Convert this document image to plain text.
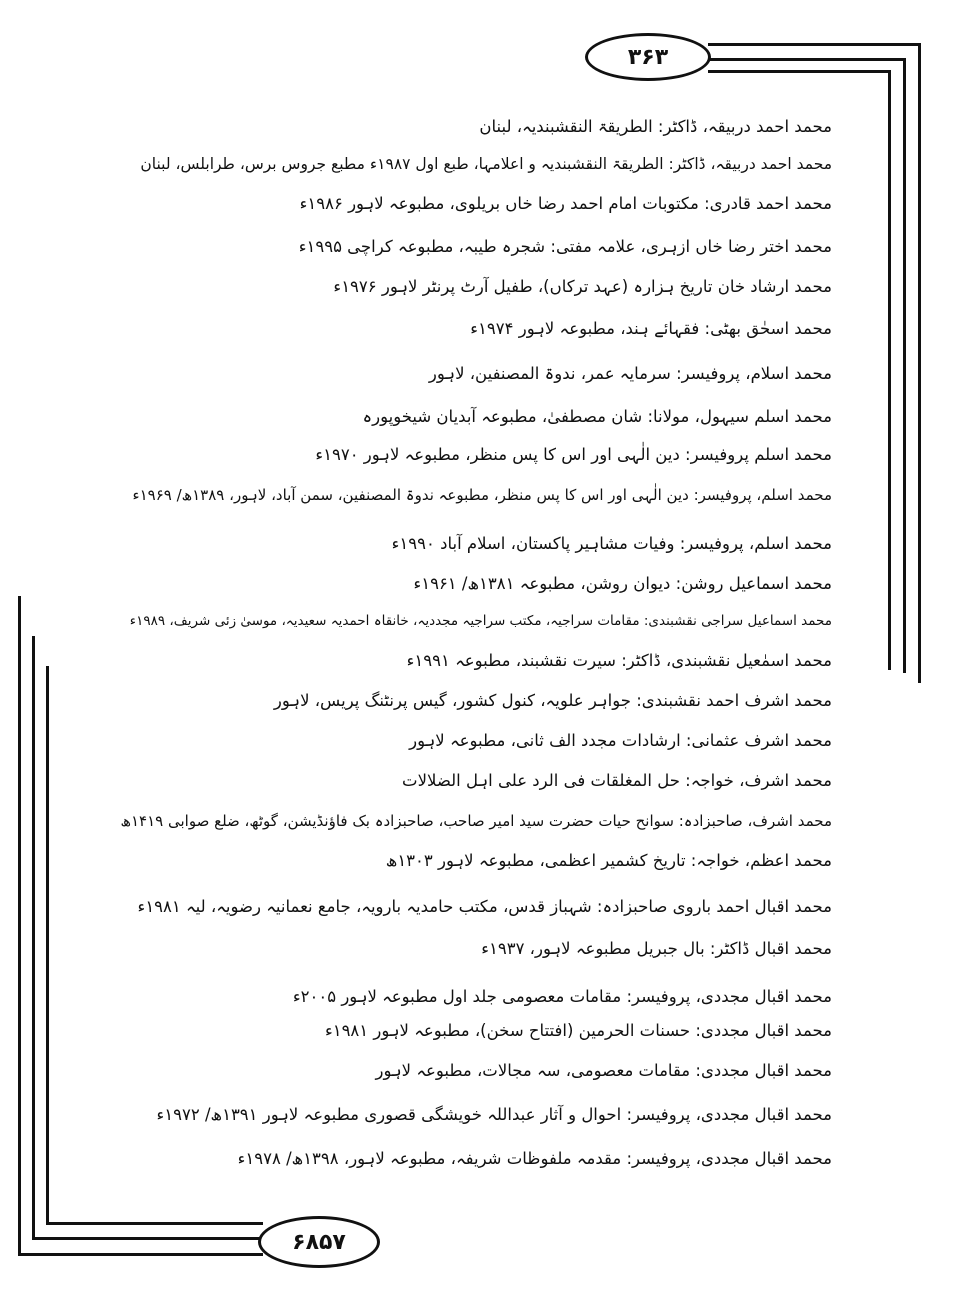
۳۶۳
۶۸۵۷
محمد احمد دربیقہ، ڈاکٹر: الطریقۃ النقشبندیہ، لبنان
محمد احمد دربیقہ، ڈاکٹر: الطریقۃ النقشبندیہ و اعلامہا، طبع اول ۱۹۸۷ء مطبع جروس برس، طرابلس، لبنان
محمد احمد قادری: مکتوبات امام احمد رضا خاں بریلوی، مطبوعہ لاہور ۱۹۸۶ء
محمد اختر رضا خاں ازہری، علامہ مفتی: شجرہ طیبہ، مطبوعہ کراچی ۱۹۹۵ء
محمد ارشاد خان تاریخ ہزارہ (عہد ترکاں)، طفیل آرٹ پرنٹر لاہور ۱۹۷۶ء
محمد اسحٰق بھٹی: فقہائے ہند، مطبوعہ لاہور ۱۹۷۴ء
محمد اسلام، پروفیسر: سرمایہ عمر، ندوۃ المصنفین، لاہور
محمد اسلم سیہول، مولانا: شان مصطفیٰ، مطبوعہ آبدیان شیخوپورہ
محمد اسلم پروفیسر: دین الٰہی اور اس کا پس منظر، مطبوعہ لاہور ۱۹۷۰ء
محمد اسلم، پروفیسر: دین الٰہی اور اس کا پس منظر، مطبوعہ ندوۃ المصنفین، سمن آباد، لاہور، ۱۳۸۹ھ/ ۱۹۶۹ء
محمد اسلم، پروفیسر: وفیات مشاہیر پاکستان، اسلام آباد ۱۹۹۰ء
محمد اسماعیل روشن: دیوان روشن، مطبوعہ ۱۳۸۱ھ/ ۱۹۶۱ء
محمد اسماعیل سراجی نقشبندی: مقامات سراجیہ، مکتب سراجیہ مجددیہ، خانقاہ احمدیہ سعیدیہ، موسیٰ زئی شریف، ۱۹۸۹ء
محمد اسمٰعیل نقشبندی، ڈاکٹر: سیرت نقشبند، مطبوعہ ۱۹۹۱ء
محمد اشرف احمد نقشبندی: جواہر علویہ، کنول کشور، گیس پرنٹنگ پریس، لاہور
محمد اشرف عثمانی: ارشادات مجدد الف ثانی، مطبوعہ لاہور
محمد اشرف، خواجہ: حل المغلقات فی الرد علی اہل الضلالات
محمد اشرف، صاحبزادہ: سوانح حیات حضرت سید امیر صاحب، صاحبزادہ بک فاؤنڈیشن، گوٹھ، ضلع صوابی ۱۴۱۹ھ
محمد اعظم، خواجہ: تاریخ کشمیر اعظمی، مطبوعہ لاہور ۱۳۰۳ھ
محمد اقبال احمد باروی صاحبزادہ: شہباز قدس، مکتب حامدیہ بارویہ، جامع نعمانیہ رضویہ، لیہ ۱۹۸۱ء
محمد اقبال ڈاکٹر: بال جبریل مطبوعہ لاہور، ۱۹۳۷ء
محمد اقبال مجددی، پروفیسر: مقامات معصومی جلد اول مطبوعہ لاہور ۲۰۰۵ء
محمد اقبال مجددی: حسنات الحرمین (افتتاح سخن)، مطبوعہ لاہور ۱۹۸۱ء
محمد اقبال مجددی: مقامات معصومی، سہ مجالات، مطبوعہ لاہور
محمد اقبال مجددی، پروفیسر: احوال و آثار عبداللہ خویشگی قصوری مطبوعہ لاہور ۱۳۹۱ھ/ ۱۹۷۲ء
محمد اقبال مجددی، پروفیسر: مقدمہ ملفوظات شریفہ، مطبوعہ لاہور، ۱۳۹۸ھ/ ۱۹۷۸ء
